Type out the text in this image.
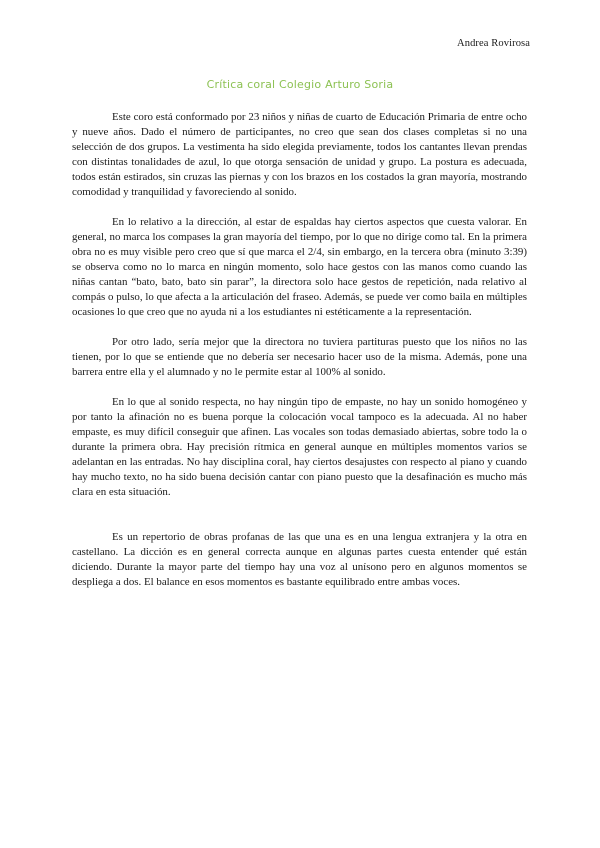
Andrea Rovirosa
Crítica coral Colegio Arturo Soria

Este coro está conformado por 23 niños y niñas de cuarto de Educación Primaria de entre ocho y nueve años. Dado el número de participantes, no creo que sean dos clases completas si no una selección de dos grupos. La vestimenta ha sido elegida previamente, todos los cantantes llevan prendas con distintas tonalidades de azul, lo que otorga sensación de unidad y grupo. La postura es adecuada, todos están estirados, sin cruzas las piernas y con los brazos en los costados la gran mayoría, mostrando comodidad y tranquilidad y favoreciendo al sonido.

En lo relativo a la dirección, al estar de espaldas hay ciertos aspectos que cuesta valorar. En general, no marca los compases la gran mayoría del tiempo, por lo que no dirige como tal. En la primera obra no es muy visible pero creo que sí que marca el 2/4, sin embargo, en la tercera obra (minuto 3:39) se observa como no lo marca en ningún momento, solo hace gestos con las manos como cuando las niñas cantan “bato, bato, bato sin parar”, la directora solo hace gestos de repetición, nada relativo al compás o pulso, lo que afecta a la articulación del fraseo. Además, se puede ver como baila en múltiples ocasiones lo que creo que no ayuda ni a los estudiantes ni estéticamente a la representación.

Por otro lado, sería mejor que la directora no tuviera partituras puesto que los niños no las tienen, por lo que se entiende que no debería ser necesario hacer uso de la misma. Además, pone una barrera entre ella y el alumnado y no le permite estar al 100% al sonido.

En lo que al sonido respecta, no hay ningún tipo de empaste, no hay un sonido homogéneo y por tanto la afinación no es buena porque la colocación vocal tampoco es la adecuada. Al no haber empaste, es muy difícil conseguir que afinen. Las vocales son todas demasiado abiertas, sobre todo la o durante la primera obra. Hay precisión rítmica en general aunque en múltiples momentos varios se adelantan en las entradas. No hay disciplina coral, hay ciertos desajustes con respecto al piano y cuando hay mucho texto, no ha sido buena decisión cantar con piano puesto que la desafinación es mucho más clara en esta situación.

Es un repertorio de obras profanas de las que una es en una lengua extranjera y la otra en castellano. La dicción es en general correcta aunque en algunas partes cuesta entender qué están diciendo. Durante la mayor parte del tiempo hay una voz al unísono pero en algunos momentos se despliega a dos. El balance en esos momentos es bastante equilibrado entre ambas voces.
